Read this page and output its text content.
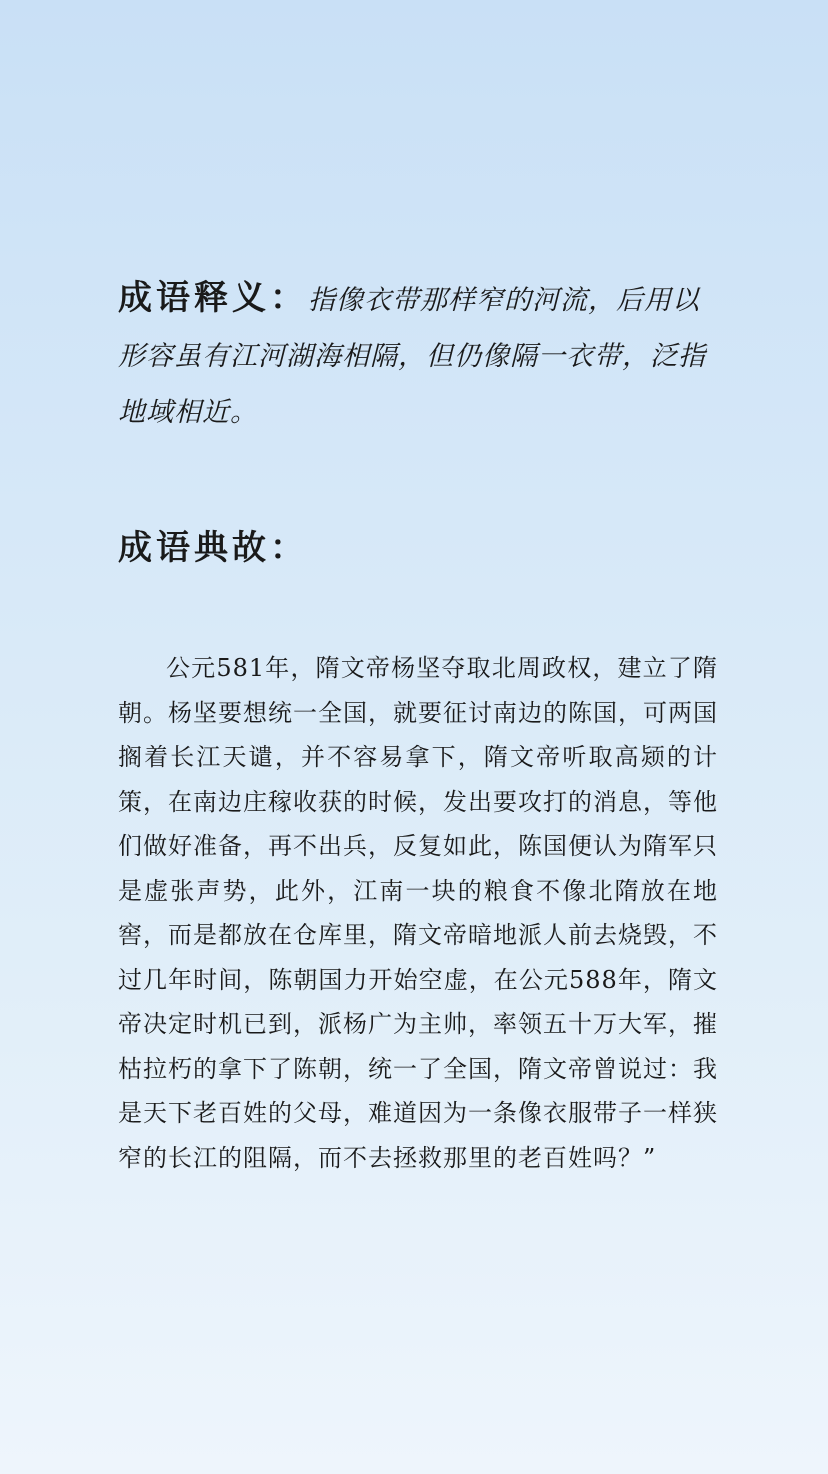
成语释义：指像衣带那样窄的河流，后用以形容虽有江河湖海相隔，但仍像隔一衣带，泛指地域相近。
成语典故：
公元581年，隋文帝杨坚夺取北周政权，建立了隋朝。杨坚要想统一全国，就要征讨南边的陈国，可两国搁着长江天谴，并不容易拿下，隋文帝听取高颎的计策，在南边庄稼收获的时候，发出要攻打的消息，等他们做好准备，再不出兵，反复如此，陈国便认为隋军只是虚张声势，此外，江南一块的粮食不像北隋放在地窖，而是都放在仓库里，隋文帝暗地派人前去烧毁，不过几年时间，陈朝国力开始空虚，在公元588年，隋文帝决定时机已到，派杨广为主帅，率领五十万大军，摧枯拉朽的拿下了陈朝，统一了全国，隋文帝曾说过：我是天下老百姓的父母，难道因为一条像衣服带子一样狭窄的长江的阻隔，而不去拯救那里的老百姓吗？”
